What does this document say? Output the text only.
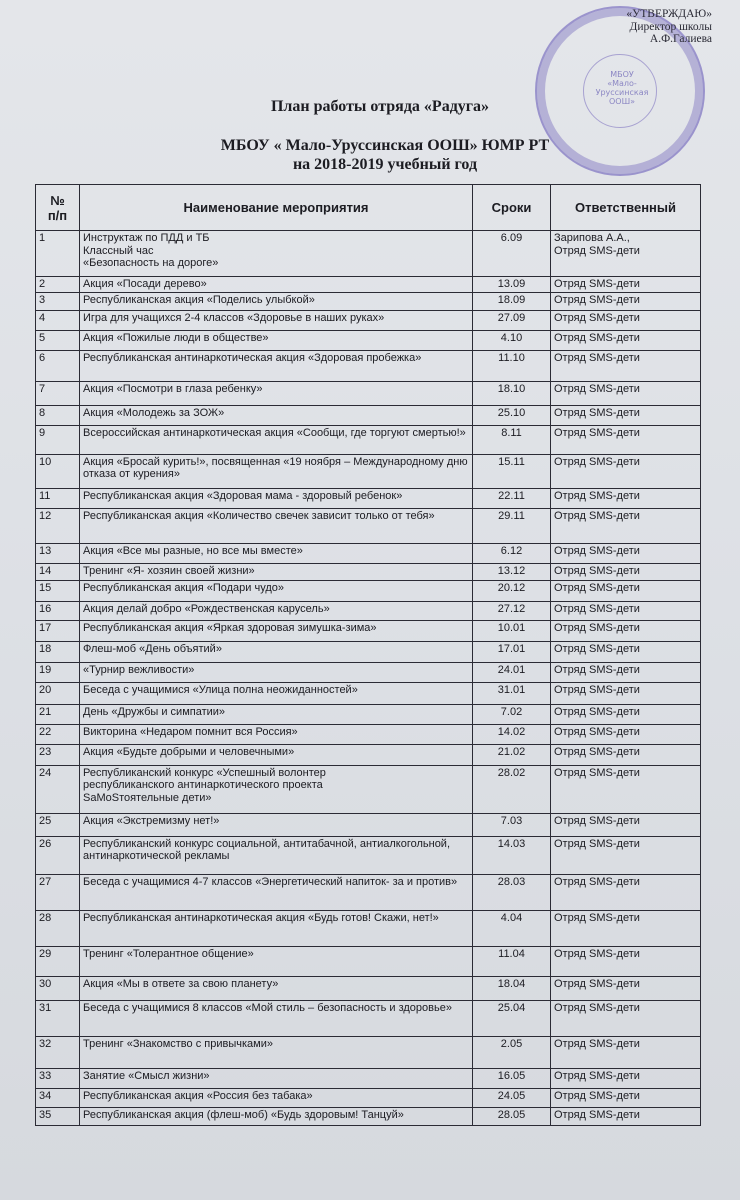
МБОУ
«Мало-Уруссинская
ООШ»
«УТВЕРЖДАЮ»
Директор школы
А.Ф.Галиева
План работы отряда «Радуга»
МБОУ « Мало-Уруссинская ООШ» ЮМР РТ
на 2018-2019 учебный год
№
п/п	Наименование мероприятия	Сроки	Ответственный
1	Инструктаж по ПДД и ТБ
Классный час
«Безопасность на дороге»	6.09	Зарипова А.А.,
Отряд SMS-дети
2	Акция «Посади дерево»	13.09	Отряд SMS-дети
3	Республиканская акция «Поделись улыбкой»	18.09	Отряд SMS-дети
4	Игра для учащихся 2-4 классов «Здоровье в наших руках»	27.09	Отряд SMS-дети
5	Акция «Пожилые люди в обществе»	4.10	Отряд SMS-дети
6	Республиканская антинаркотическая акция «Здоровая пробежка»	11.10	Отряд SMS-дети
7	Акция «Посмотри в глаза ребенку»	18.10	Отряд SMS-дети
8	Акция «Молодежь за ЗОЖ»	25.10	Отряд SMS-дети
9	Всероссийская антинаркотическая акция «Сообщи, где торгуют смертью!»	8.11	Отряд SMS-дети
10	Акция «Бросай курить!», посвященная «19 ноября – Международному дню отказа от курения»	15.11	Отряд SMS-дети
11	Республиканская акция «Здоровая мама - здоровый ребенок»	22.11	Отряд SMS-дети
12	Республиканская акция «Количество свечек зависит только от тебя»	29.11	Отряд SMS-дети
13	Акция «Все мы разные, но все мы вместе»	6.12	Отряд SMS-дети
14	Тренинг «Я- хозяин своей жизни»	13.12	Отряд SMS-дети
15	Республиканская акция «Подари чудо»	20.12	Отряд SMS-дети
16	Акция делай добро «Рождественская карусель»	27.12	Отряд SMS-дети
17	Республиканская акция «Яркая здоровая зимушка-зима»	10.01	Отряд SMS-дети
18	Флеш-моб «День объятий»	17.01	Отряд SMS-дети
19	«Турнир вежливости»	24.01	Отряд SMS-дети
20	Беседа с учащимися «Улица полна неожиданностей»	31.01	Отряд SMS-дети
21	День «Дружбы и симпатии»	7.02	Отряд SMS-дети
22	Викторина «Недаром помнит вся Россия»	14.02	Отряд SMS-дети
23	Акция «Будьте добрыми и человечными»	21.02	Отряд SMS-дети
24	Республиканский конкурс «Успешный волонтер
республиканского антинаркотического проекта
SaMoSтоятельные дети»	28.02	Отряд SMS-дети
25	Акция «Экстремизму нет!»	7.03	Отряд SMS-дети
26	Республиканский конкурс социальной, антитабачной, антиалкогольной, антинаркотической рекламы	14.03	Отряд SMS-дети
27	Беседа с учащимися 4-7 классов «Энергетический напиток- за и против»	28.03	Отряд SMS-дети
28	Республиканская антинаркотическая акция «Будь готов! Скажи, нет!»	4.04	Отряд SMS-дети
29	Тренинг «Толерантное общение»	11.04	Отряд SMS-дети
30	Акция «Мы в ответе за свою планету»	18.04	Отряд SMS-дети
31	Беседа с учащимися 8 классов «Мой стиль – безопасность и здоровье»	25.04	Отряд SMS-дети
32	Тренинг «Знакомство с привычками»	2.05	Отряд SMS-дети
33	Занятие «Смысл жизни»	16.05	Отряд SMS-дети
34	Республиканская акция «Россия без табака»	24.05	Отряд SMS-дети
35	Республиканская акция (флеш-моб) «Будь здоровым! Танцуй»	28.05	Отряд SMS-дети
